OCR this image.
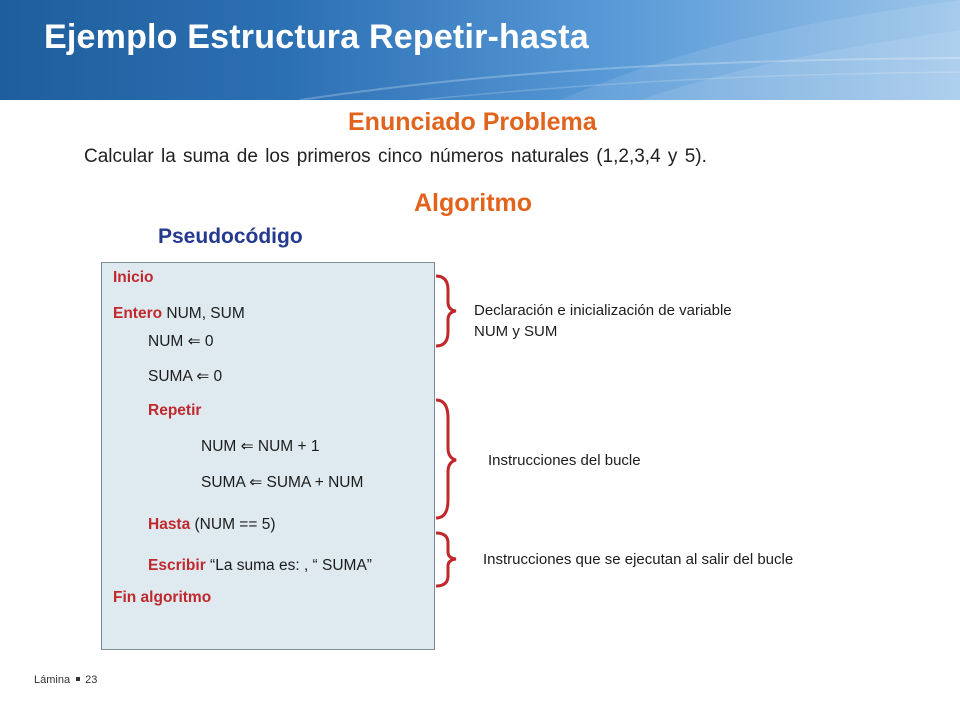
Ejemplo Estructura Repetir-hasta
Enunciado Problema
Calcular la suma de los primeros cinco números naturales (1,2,3,4 y 5).
Algoritmo
Pseudocódigo
Inicio
Entero NUM, SUM
NUM ⇐ 0
SUMA ⇐ 0
Repetir
NUM ⇐ NUM + 1
SUMA ⇐ SUMA + NUM
Hasta (NUM == 5)
Escribir “La suma es: , “ SUMA”
Fin algoritmo
Declaración e inicialización de variable
NUM y SUM
Instrucciones del bucle
Instrucciones que se ejecutan al salir del bucle
Lámina 23
